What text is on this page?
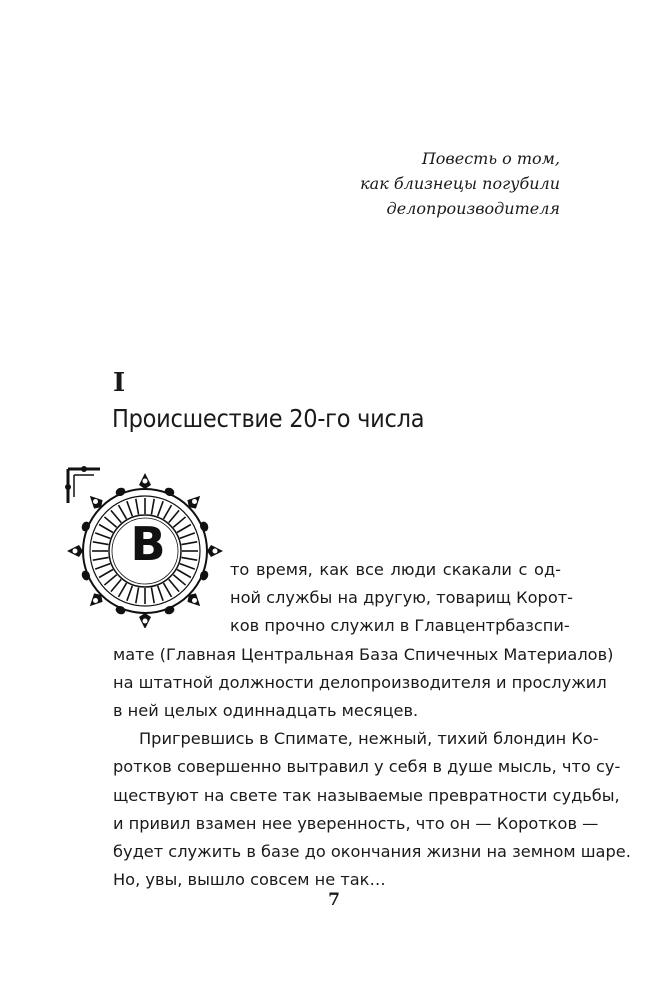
Повесть о том,
как близнецы погубили
делопроизводителя
I
Происшествие 20-го числа
В	то время, как все люди скакали с од-
ной службы на другую, товарищ Корот-
ков прочно служил в Главцентрбазспи-
мате (Главная Центральная База Спичечных Материалов)
на штатной должности делопроизводителя и прослужил
в ней целых одиннадцать месяцев.
Пригревшись в Спимате, нежный, тихий блондин Ко-
ротков совершенно вытравил у себя в душе мысль, что су-
ществуют на свете так называемые превратности судьбы,
и привил взамен нее уверенность, что он — Коротков —
будет служить в базе до окончания жизни на земном шаре.
Но, увы, вышло совсем не так…
7
